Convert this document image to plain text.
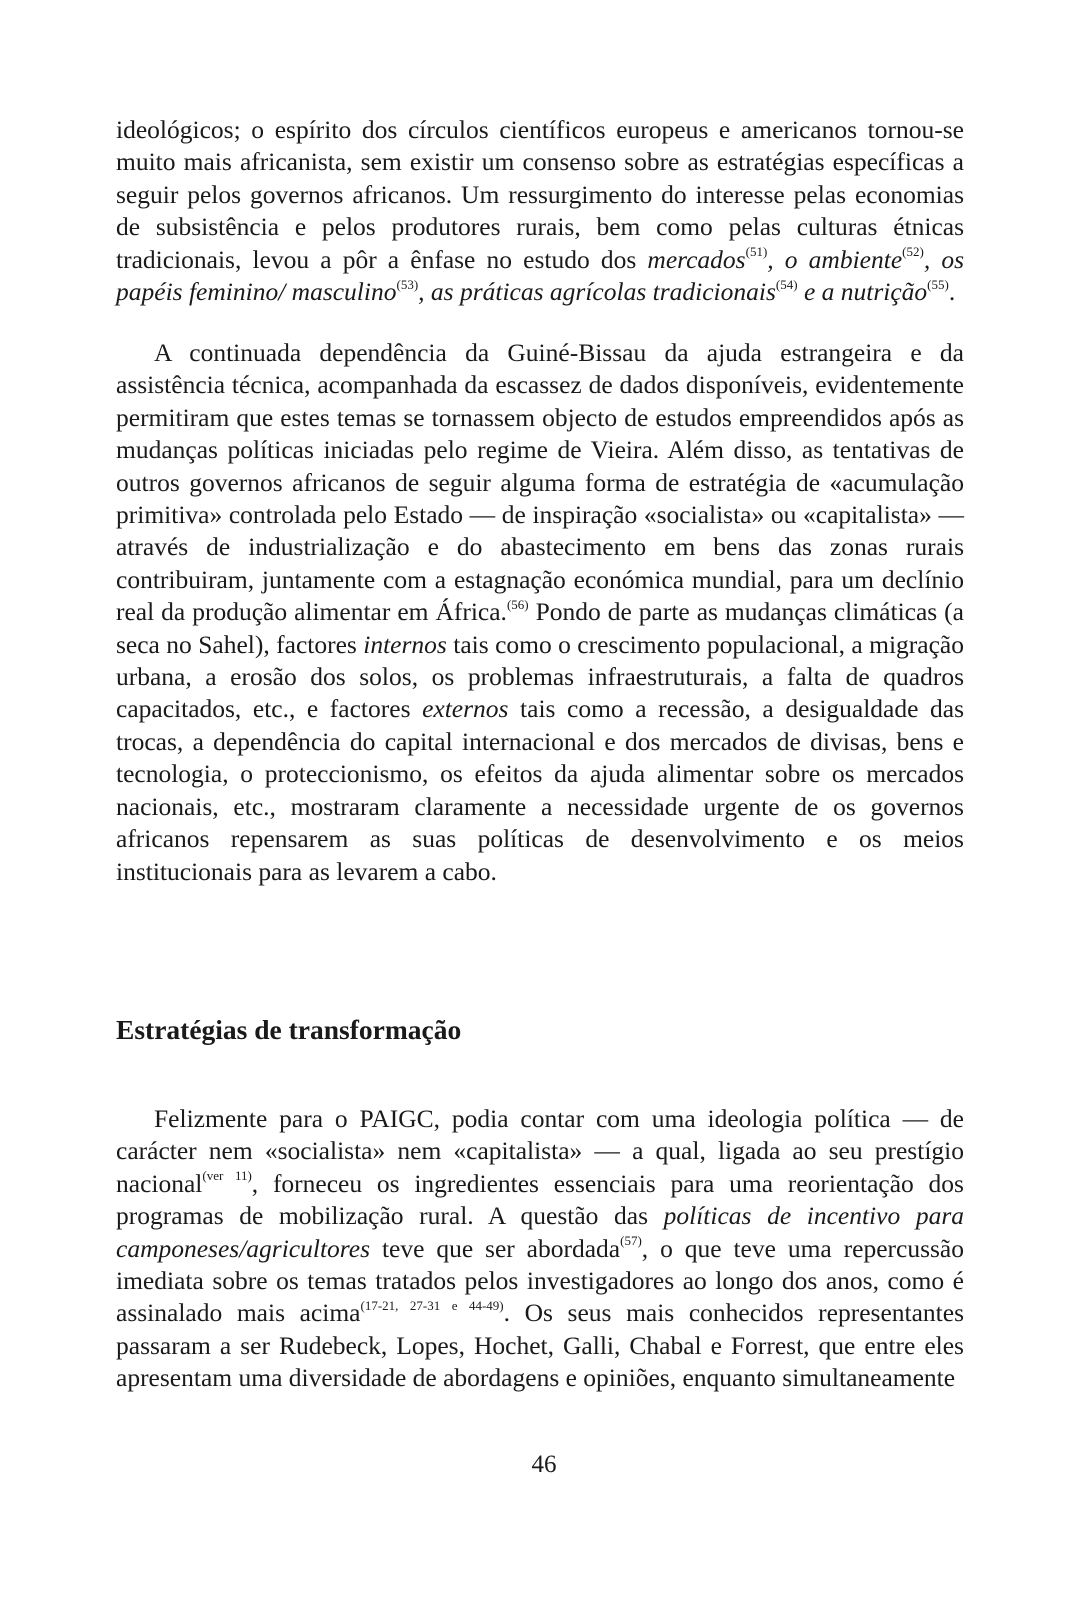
ideológicos; o espírito dos círculos científicos europeus e americanos tornou-se muito mais africanista, sem existir um consenso sobre as estratégias específicas a seguir pelos governos africanos. Um ressurgimento do interesse pelas economias de subsistência e pelos produtores rurais, bem como pelas culturas étnicas tradicionais, levou a pôr a ênfase no estudo dos mercados$^{(51)}$, o ambiente$^{(52)}$, os papéis feminino/ masculino$^{(53)}$, as práticas agrícolas tradicionais$^{(54)}$ e a nutrição$^{(55)}$.

A continuada dependência da Guiné-Bissau da ajuda estrangeira e da assistência técnica, acompanhada da escassez de dados disponíveis, evidentemente permitiram que estes temas se tornassem objecto de estudos empreendidos após as mudanças políticas iniciadas pelo regime de Vieira. Além disso, as tentativas de outros governos africanos de seguir alguma forma de estratégia de «acumulação primitiva» controlada pelo Estado — de inspiração «socialista» ou «capitalista» — através de industrialização e do abastecimento em bens das zonas rurais contribuiram, juntamente com a estagnação económica mundial, para um declínio real da produção alimentar em África.$^{(56)}$ Pondo de parte as mudanças climáticas (a seca no Sahel), factores internos tais como o crescimento populacional, a migração urbana, a erosão dos solos, os problemas infraestruturais, a falta de quadros capacitados, etc., e factores externos tais como a recessão, a desigualdade das trocas, a dependência do capital internacional e dos mercados de divisas, bens e tecnologia, o proteccionismo, os efeitos da ajuda alimentar sobre os mercados nacionais, etc., mostraram claramente a necessidade urgente de os governos africanos repensarem as suas políticas de desenvolvimento e os meios institucionais para as levarem a cabo.

Estratégias de transformação

Felizmente para o PAIGC, podia contar com uma ideologia política — de carácter nem «socialista» nem «capitalista» — a qual, ligada ao seu prestígio nacional$^{(ver 11)}$, forneceu os ingredientes essenciais para uma reorientação dos programas de mobilização rural. A questão das políticas de incentivo para camponeses/agricultores teve que ser abordada$^{(57)}$, o que teve uma repercussão imediata sobre os temas tratados pelos investigadores ao longo dos anos, como é assinalado mais acima$^{(17-21, 27-31 e 44-49)}$. Os seus mais conhecidos representantes passaram a ser Rudebeck, Lopes, Hochet, Galli, Chabal e Forrest, que entre eles apresentam uma diversidade de abordagens e opiniões, enquanto simultaneamente

46
